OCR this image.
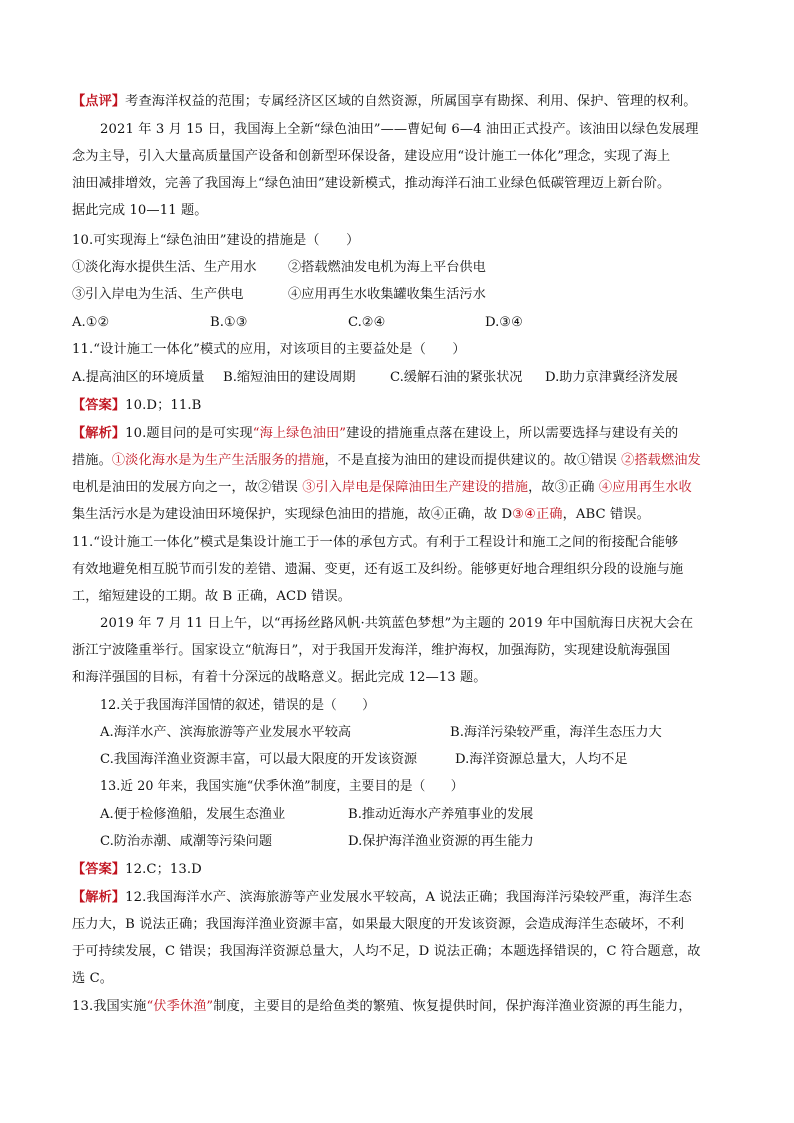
【点评】考查海洋权益的范围；专属经济区区域的自然资源，所属国享有勘探、利用、保护、管理的权利。
2021 年 3 月 15 日，我国海上全新“绿色油田”——曹妃甸 6—4 油田正式投产。该油田以绿色发展理
念为主导，引入大量高质量国产设备和创新型环保设备，建设应用“设计施工一体化”理念，实现了海上
油田减排增效，完善了我国海上“绿色油田”建设新模式，推动海洋石油工业绿色低碳管理迈上新台阶。
据此完成 10—11 题。
10.可实现海上“绿色油田”建设的措施是（　　）
①淡化海水提供生活、生产用水 ②搭载燃油发电机为海上平台供电
③引入岸电为生活、生产供电	④应用再生水收集罐收集生活污水
A.①②	B.①③	C.②④	D.③④
11.“设计施工一体化”模式的应用，对该项目的主要益处是（　　）
A.提高油区的环境质量 B.缩短油田的建设周期	C.缓解石油的紧张状况 D.助力京津冀经济发展
【答案】10.D；11.B
【解析】10.题目问的是可实现“海上绿色油田”建设的措施重点落在建设上，所以需要选择与建设有关的
措施。①淡化海水是为生产生活服务的措施，不是直接为油田的建设而提供建议的。故①错误 ②搭载燃油发
电机是油田的发展方向之一，故②错误 ③引入岸电是保障油田生产建设的措施，故③正确 ④应用再生水收
集生活污水是为建设油田环境保护，实现绿色油田的措施，故④正确，故 D③④正确，ABC 错误。
11.“设计施工一体化”模式是集设计施工于一体的承包方式。有利于工程设计和施工之间的衔接配合能够
有效地避免相互脱节而引发的差错、遗漏、变更，还有返工及纠纷。能够更好地合理组织分段的设施与施
工，缩短建设的工期。故 B 正确，ACD 错误。
2019 年 7 月 11 日上午，以“再扬丝路风帆·共筑蓝色梦想”为主题的 2019 年中国航海日庆祝大会在
浙江宁波隆重举行。国家设立“航海日”，对于我国开发海洋，维护海权，加强海防，实现建设航海强国
和海洋强国的目标，有着十分深远的战略意义。据此完成 12—13 题。
12.关于我国海洋国情的叙述，错误的是（　　）
A.海洋水产、滨海旅游等产业发展水平较高	B.海洋污染较严重，海洋生态压力大
C.我国海洋渔业资源丰富，可以最大限度的开发该资源	D.海洋资源总量大，人均不足
13.近 20 年来，我国实施“伏季休渔”制度，主要目的是（　　）
A.便于检修渔船，发展生态渔业	B.推动近海水产养殖事业的发展
C.防治赤潮、咸潮等污染问题	D.保护海洋渔业资源的再生能力
【答案】12.C；13.D
【解析】12.我国海洋水产、滨海旅游等产业发展水平较高，A 说法正确；我国海洋污染较严重，海洋生态
压力大，B 说法正确；我国海洋渔业资源丰富，如果最大限度的开发该资源，会造成海洋生态破坏，不利
于可持续发展，C 错误；我国海洋资源总量大，人均不足，D 说法正确；本题选择错误的，C 符合题意，故
选 C。
13.我国实施“伏季休渔”制度，主要目的是给鱼类的繁殖、恢复提供时间，保护海洋渔业资源的再生能力，
